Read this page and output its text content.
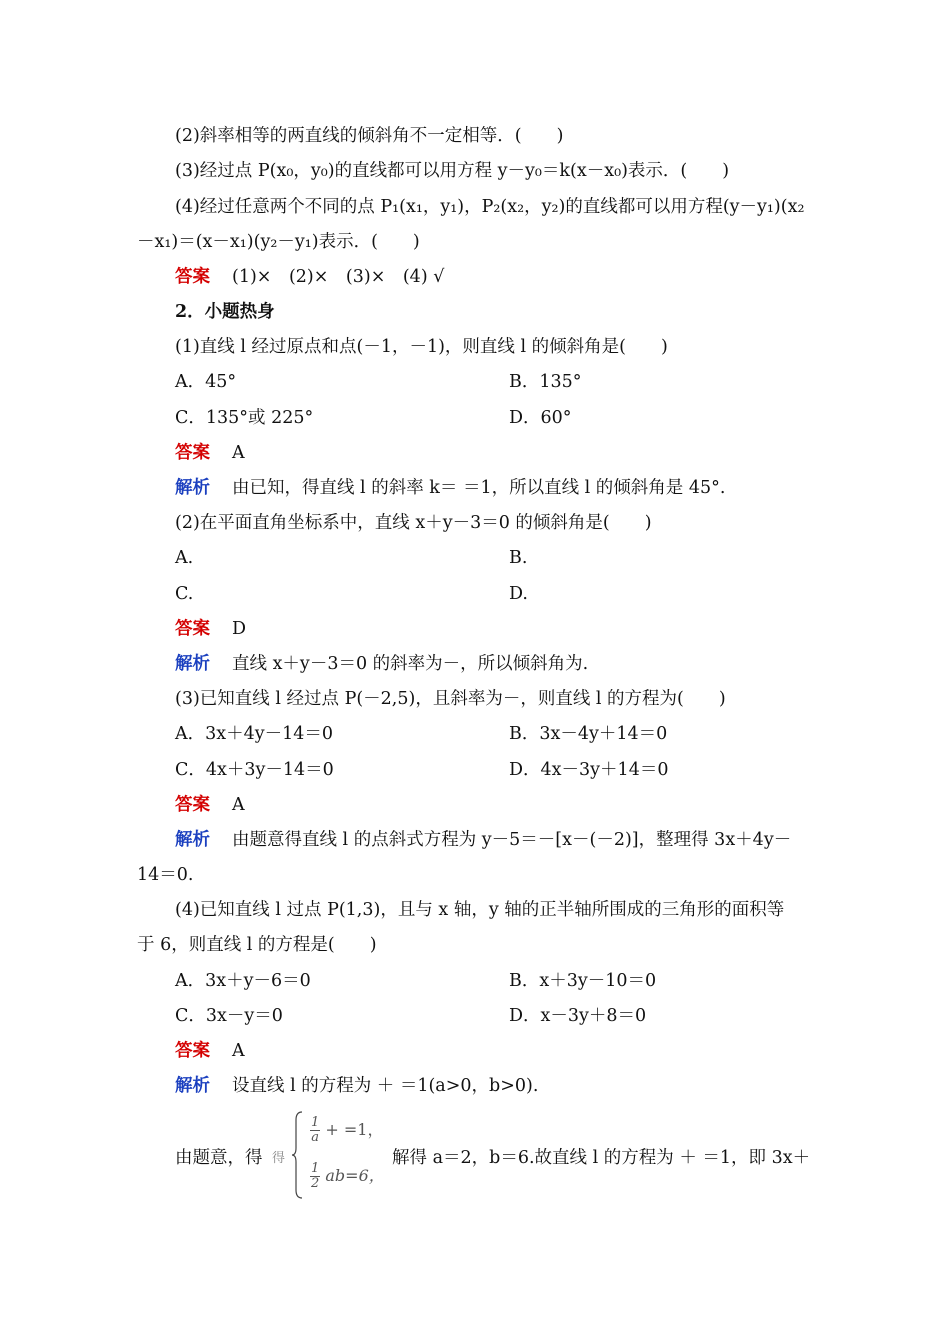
(2)斜率相等的两直线的倾斜角不一定相等．(　　)
(3)经过点 P(x₀，y₀)的直线都可以用方程 y－y₀＝k(x－x₀)表示．(　　)
(4)经过任意两个不同的点 P₁(x₁，y₁)，P₂(x₂，y₂)的直线都可以用方程(y－y₁)(x₂
－x₁)＝(x－x₁)(y₂－y₁)表示．(　　)
答案 (1)×　(2)×　(3)×　(4) √
2．小题热身
(1)直线 l 经过原点和点(－1，－1)，则直线 l 的倾斜角是(　　)
A．45°	B．135°
C．135°或 225°	D．60°
答案 A
解析 由已知，得直线 l 的斜率 k＝ ＝1，所以直线 l 的倾斜角是 45°.
(2)在平面直角坐标系中，直线 x＋y－3＝0 的倾斜角是(　　)
A.	B.
C.	D.
答案 D
解析 直线 x＋y－3＝0 的斜率为－，所以倾斜角为.
(3)已知直线 l 经过点 P(－2,5)，且斜率为－，则直线 l 的方程为(　　)
A．3x＋4y－14＝0	B．3x－4y＋14＝0
C．4x＋3y－14＝0	D．4x－3y＋14＝0
答案 A
解析 由题意得直线 l 的点斜式方程为 y－5＝－[x－(－2)]，整理得 3x＋4y－
14＝0.
(4)已知直线 l 过点 P(1,3)，且与 x 轴，y 轴的正半轴所围成的三角形的面积等
于 6，则直线 l 的方程是(　　)
A．3x＋y－6＝0	B．x＋3y－10＝0
C．3x－y＝0	D．x－3y＋8＝0
答案 A
解析 设直线 l 的方程为 ＋ ＝1(a>0，b>0).
由题意，得 得
$\frac{1}{a} + =1$，
$\frac{1}{2} ab=6$，
解得 a＝2，b＝6.故直线 l 的方程为 ＋ ＝1，即 3x＋
